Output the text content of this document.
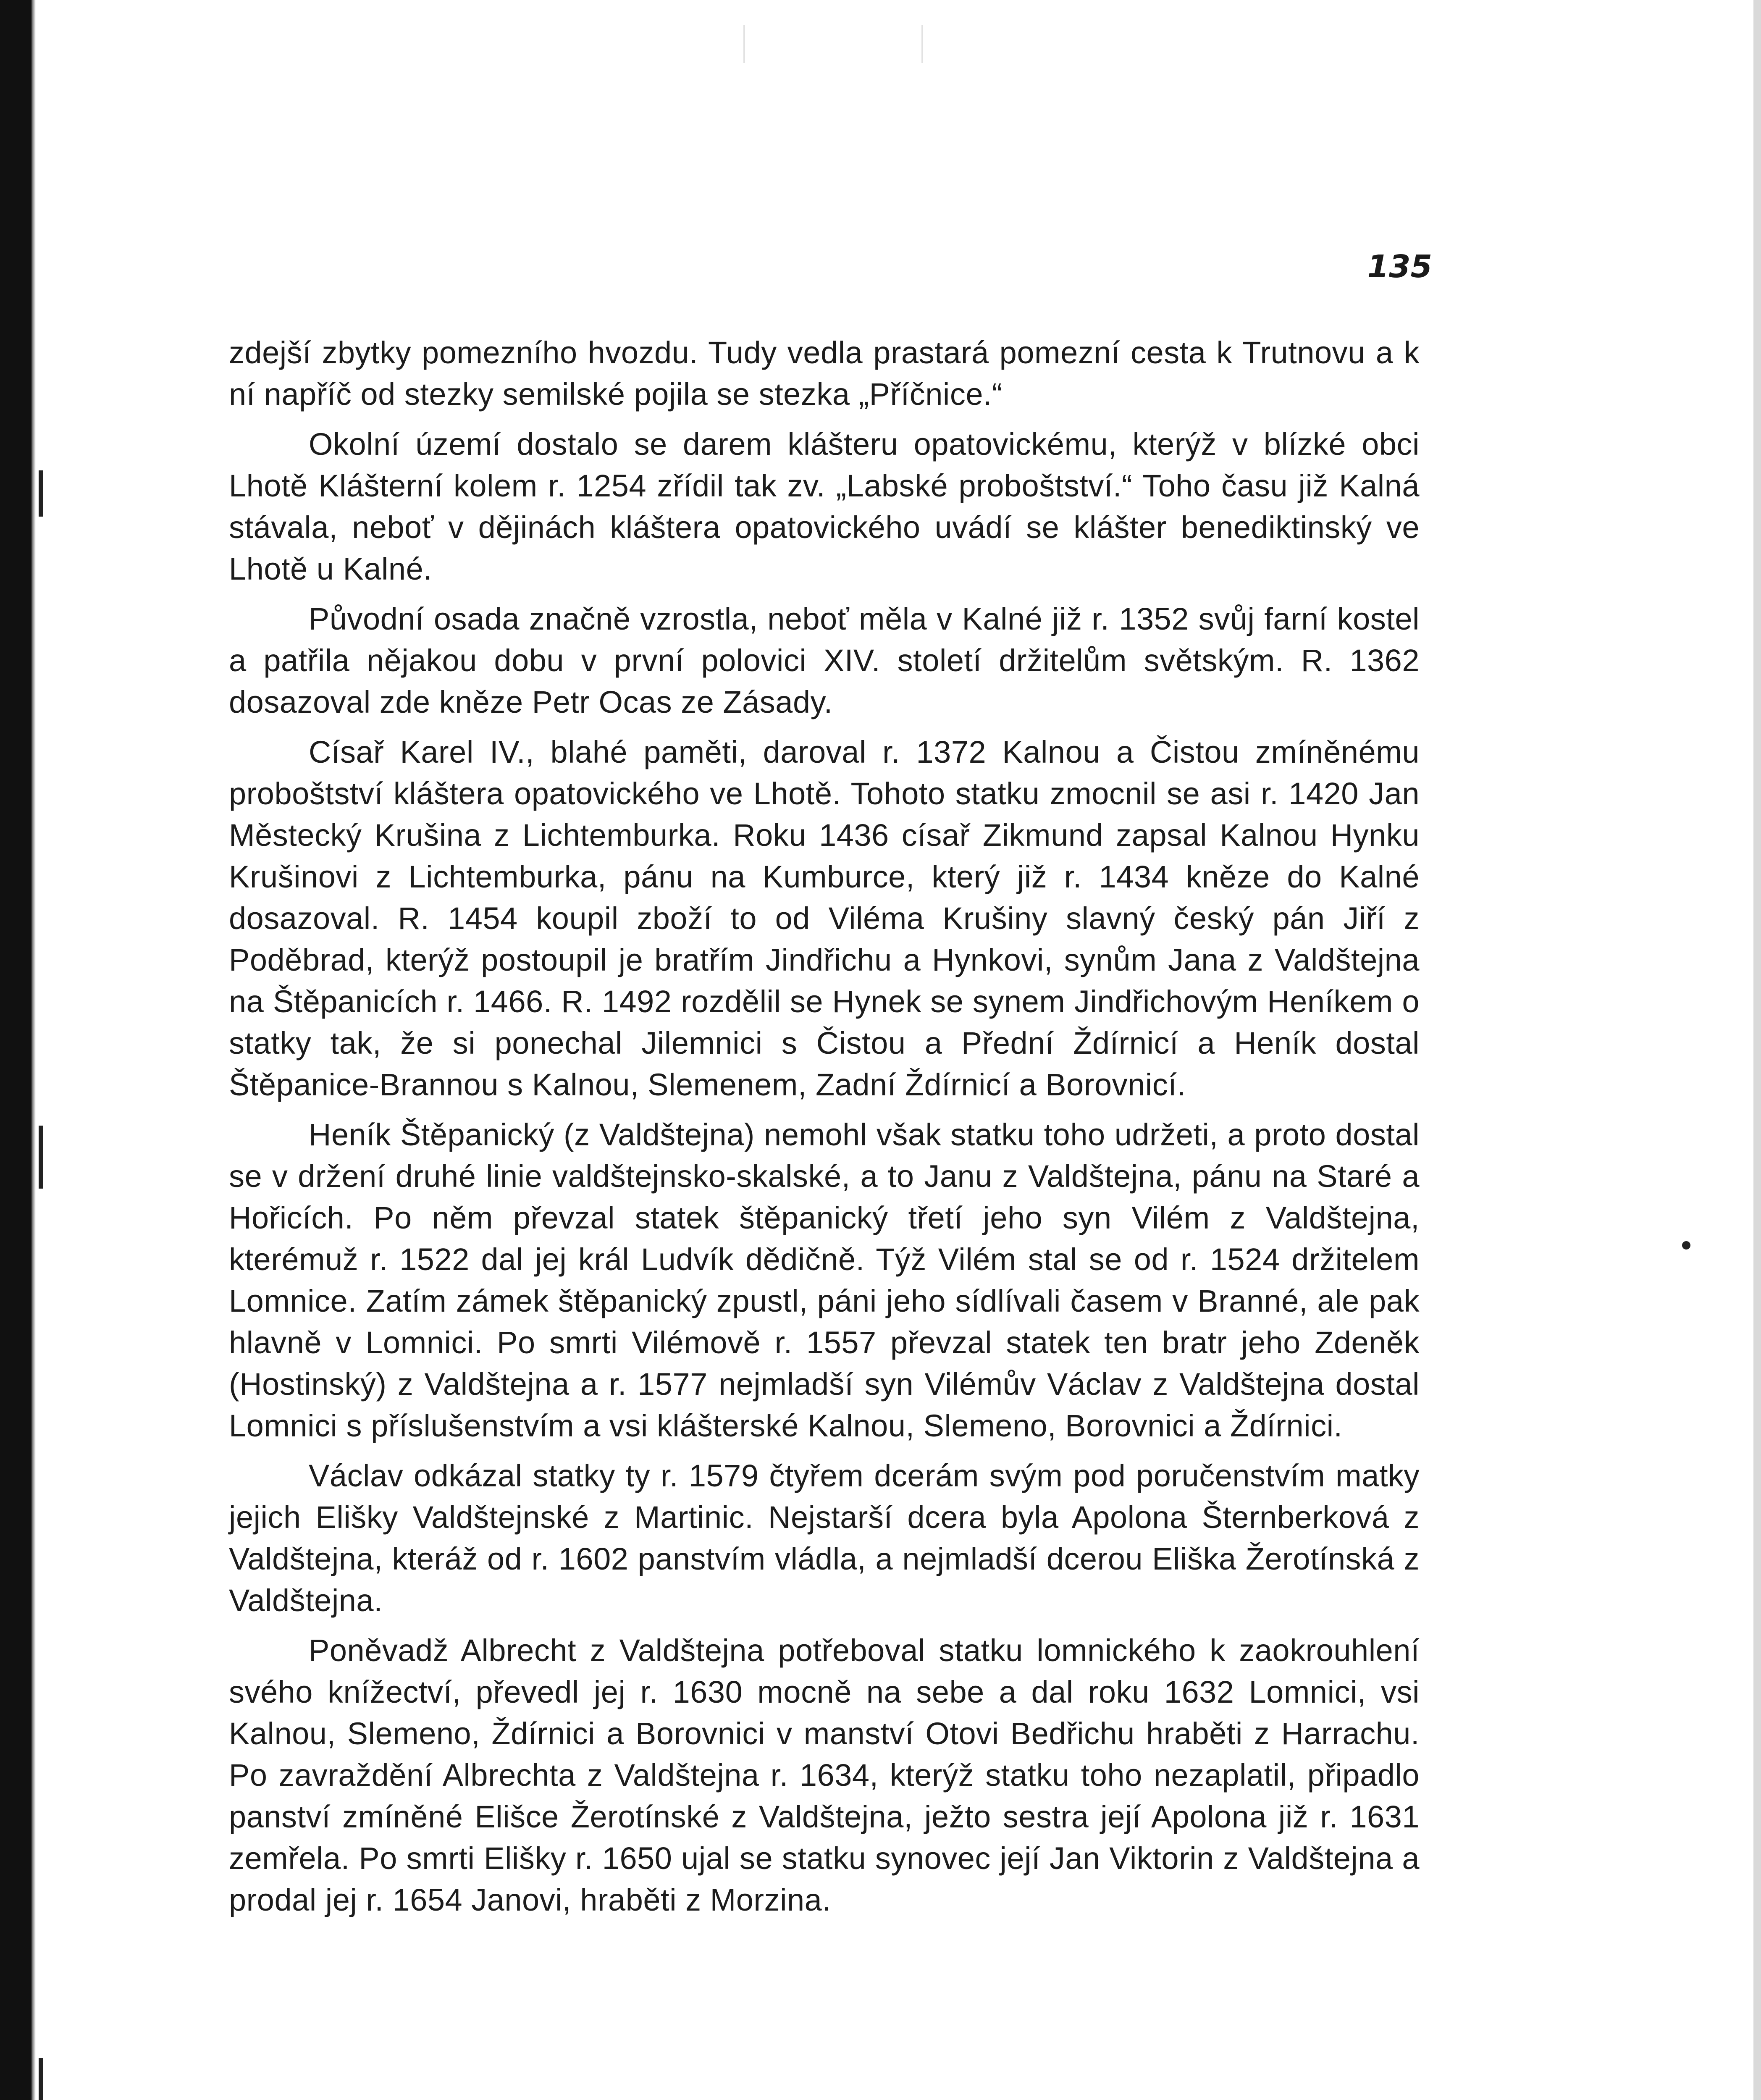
135

zdejší zbytky pomezního hvozdu. Tudy vedla prastará pomezní cesta k Trutnovu a k ní napříč od stezky semilské pojila se stezka „Příčnice.“

Okolní území dostalo se darem klášteru opatovickému, kterýž v blízké obci Lhotě Klášterní kolem r. 1254 zřídil tak zv. „Labské proboštství.“ Toho času již Kalná stávala, neboť v dějinách kláštera opatovického uvádí se klášter benediktinský ve Lhotě u Kalné.

Původní osada značně vzrostla, neboť měla v Kalné již r. 1352 svůj farní kostel a patřila nějakou dobu v první polovici XIV. století držitelům světským. R. 1362 dosazoval zde kněze Petr Ocas ze Zásady.

Císař Karel IV., blahé paměti, daroval r. 1372 Kalnou a Čistou zmíněnému proboštství kláštera opatovického ve Lhotě. Tohoto statku zmocnil se asi r. 1420 Jan Městecký Krušina z Lichtemburka. Roku 1436 císař Zikmund zapsal Kalnou Hynku Krušinovi z Lichtemburka, pánu na Kumburce, který již r. 1434 kněze do Kalné dosazoval. R. 1454 koupil zboží to od Viléma Krušiny slavný český pán Jiří z Poděbrad, kterýž postoupil je bratřím Jindřichu a Hynkovi, synům Jana z Valdštejna na Štěpanicích r. 1466. R. 1492 rozdělil se Hynek se synem Jindřichovým Heníkem o statky tak, že si ponechal Jilemnici s Čistou a Přední Ždírnicí a Heník dostal Štěpanice-Brannou s Kalnou, Slemenem, Zadní Ždírnicí a Borovnicí.

Heník Štěpanický (z Valdštejna) nemohl však statku toho udržeti, a proto dostal se v držení druhé linie valdštejnsko-skalské, a to Janu z Valdštejna, pánu na Staré a Hořicích. Po něm převzal statek štěpanický třetí jeho syn Vilém z Valdštejna, kterémuž r. 1522 dal jej král Ludvík dědičně. Týž Vilém stal se od r. 1524 držitelem Lomnice. Zatím zámek štěpanický zpustl, páni jeho sídlívali časem v Branné, ale pak hlavně v Lomnici. Po smrti Vilémově r. 1557 převzal statek ten bratr jeho Zdeněk (Hostinský) z Valdštejna a r. 1577 nejmladší syn Vilémův Václav z Valdštejna dostal Lomnici s příslušenstvím a vsi klášterské Kalnou, Slemeno, Borovnici a Ždírnici.

Václav odkázal statky ty r. 1579 čtyřem dcerám svým pod poručenstvím matky jejich Elišky Valdštejnské z Martinic. Nejstarší dcera byla Apolona Šternberková z Valdštejna, kteráž od r. 1602 panstvím vládla, a nejmladší dcerou Eliška Žerotínská z Valdštejna.

Poněvadž Albrecht z Valdštejna potřeboval statku lomnického k zaokrouhlení svého knížectví, převedl jej r. 1630 mocně na sebe a dal roku 1632 Lomnici, vsi Kalnou, Slemeno, Ždírnici a Borovnici v manství Otovi Bedřichu hraběti z Harrachu. Po zavraždění Albrechta z Valdštejna r. 1634, kterýž statku toho nezaplatil, připadlo panství zmíněné Elišce Žerotínské z Valdštejna, ježto sestra její Apolona již r. 1631 zemřela. Po smrti Elišky r. 1650 ujal se statku synovec její Jan Viktorin z Valdštejna a prodal jej r. 1654 Janovi, hraběti z Morzina.
